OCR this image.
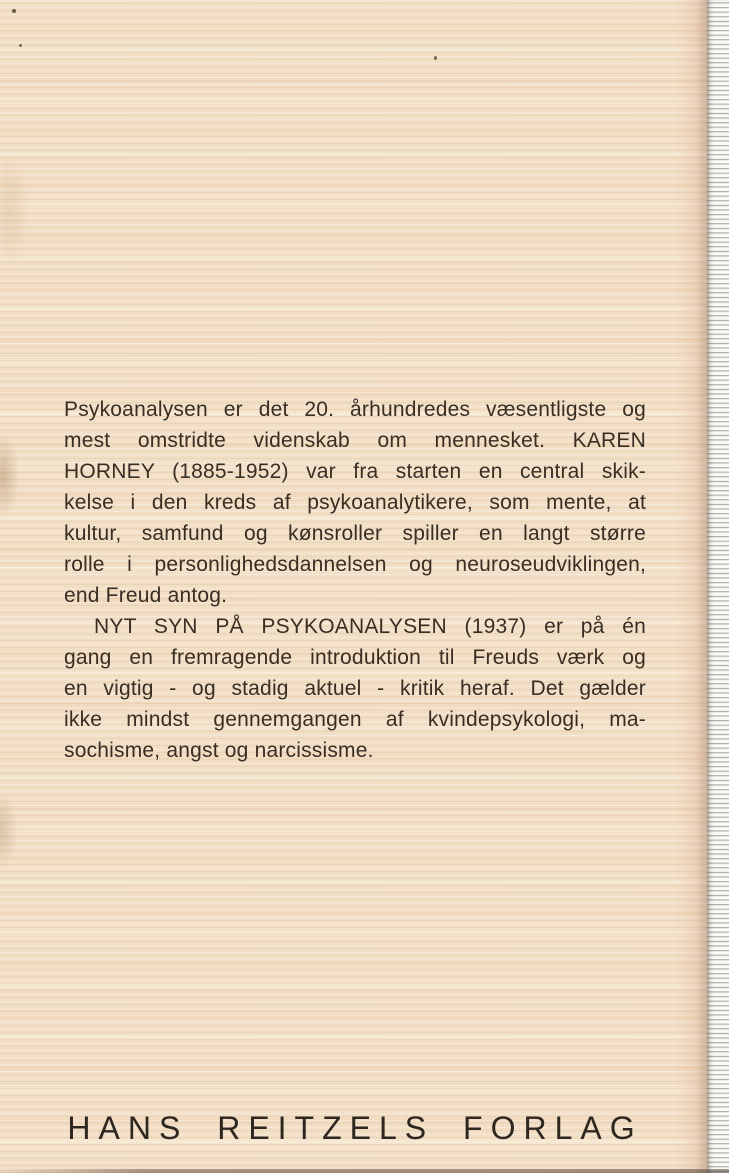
Psykoanalysen er det 20. århundredes væsentligste og
mest omstridte videnskab om mennesket. KAREN
HORNEY (1885-1952) var fra starten en central skik-
kelse i den kreds af psykoanalytikere, som mente, at
kultur, samfund og kønsroller spiller en langt større
rolle i personlighedsdannelsen og neuroseudviklingen,
end Freud antog.
NYT SYN PÅ PSYKOANALYSEN (1937) er på én
gang en fremragende introduktion til Freuds værk og
en vigtig - og stadig aktuel - kritik heraf. Det gælder
ikke mindst gennemgangen af kvindepsykologi, ma-
sochisme, angst og narcissisme.
HANS REITZELS FORLAG
